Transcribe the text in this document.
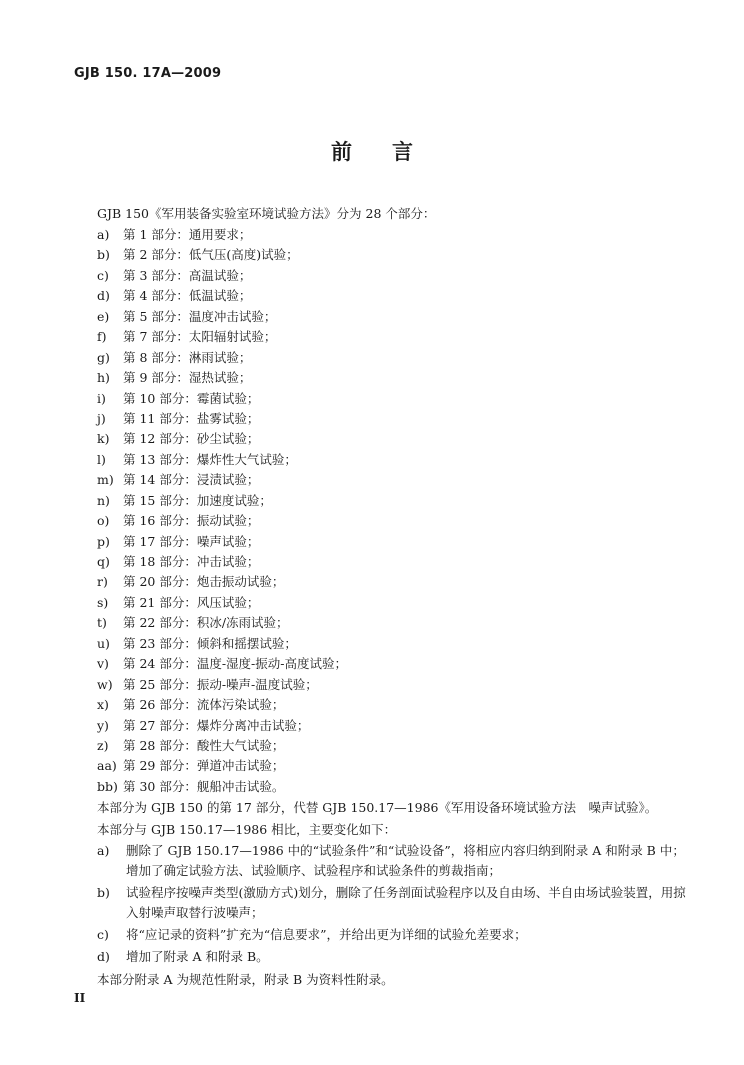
GJB 150. 17A—2009
前 言
GJB 150《军用装备实验室环境试验方法》分为 28 个部分：
a) 第 1 部分：通用要求；
b) 第 2 部分：低气压(高度)试验；
c) 第 3 部分：高温试验；
d) 第 4 部分：低温试验；
e) 第 5 部分：温度冲击试验；
f) 第 7 部分：太阳辐射试验；
g) 第 8 部分：淋雨试验；
h) 第 9 部分：湿热试验；
i) 第 10 部分：霉菌试验；
j) 第 11 部分：盐雾试验；
k) 第 12 部分：砂尘试验；
l) 第 13 部分：爆炸性大气试验；
m) 第 14 部分：浸渍试验；
n) 第 15 部分：加速度试验；
o) 第 16 部分：振动试验；
p) 第 17 部分：噪声试验；
q) 第 18 部分：冲击试验；
r) 第 20 部分：炮击振动试验；
s) 第 21 部分：风压试验；
t) 第 22 部分：积冰/冻雨试验；
u) 第 23 部分：倾斜和摇摆试验；
v) 第 24 部分：温度-湿度-振动-高度试验；
w) 第 25 部分：振动-噪声-温度试验；
x) 第 26 部分：流体污染试验；
y) 第 27 部分：爆炸分离冲击试验；
z) 第 28 部分：酸性大气试验；
aa) 第 29 部分：弹道冲击试验；
bb) 第 30 部分：舰船冲击试验。
本部分为 GJB 150 的第 17 部分，代替 GJB 150.17—1986《军用设备环境试验方法　噪声试验》。
本部分与 GJB 150.17—1986 相比，主要变化如下：
a)	删除了 GJB 150.17—1986 中的“试验条件”和“试验设备”，将相应内容归纳到附录 A 和附录 B 中；增加了确定试验方法、试验顺序、试验程序和试验条件的剪裁指南；
b)	试验程序按噪声类型(激励方式)划分，删除了任务剖面试验程序以及自由场、半自由场试验装置，用掠入射噪声取替行波噪声；
c)	将“应记录的资料”扩充为“信息要求”，并给出更为详细的试验允差要求；
d)	增加了附录 A 和附录 B。
本部分附录 A 为规范性附录，附录 B 为资料性附录。
II
